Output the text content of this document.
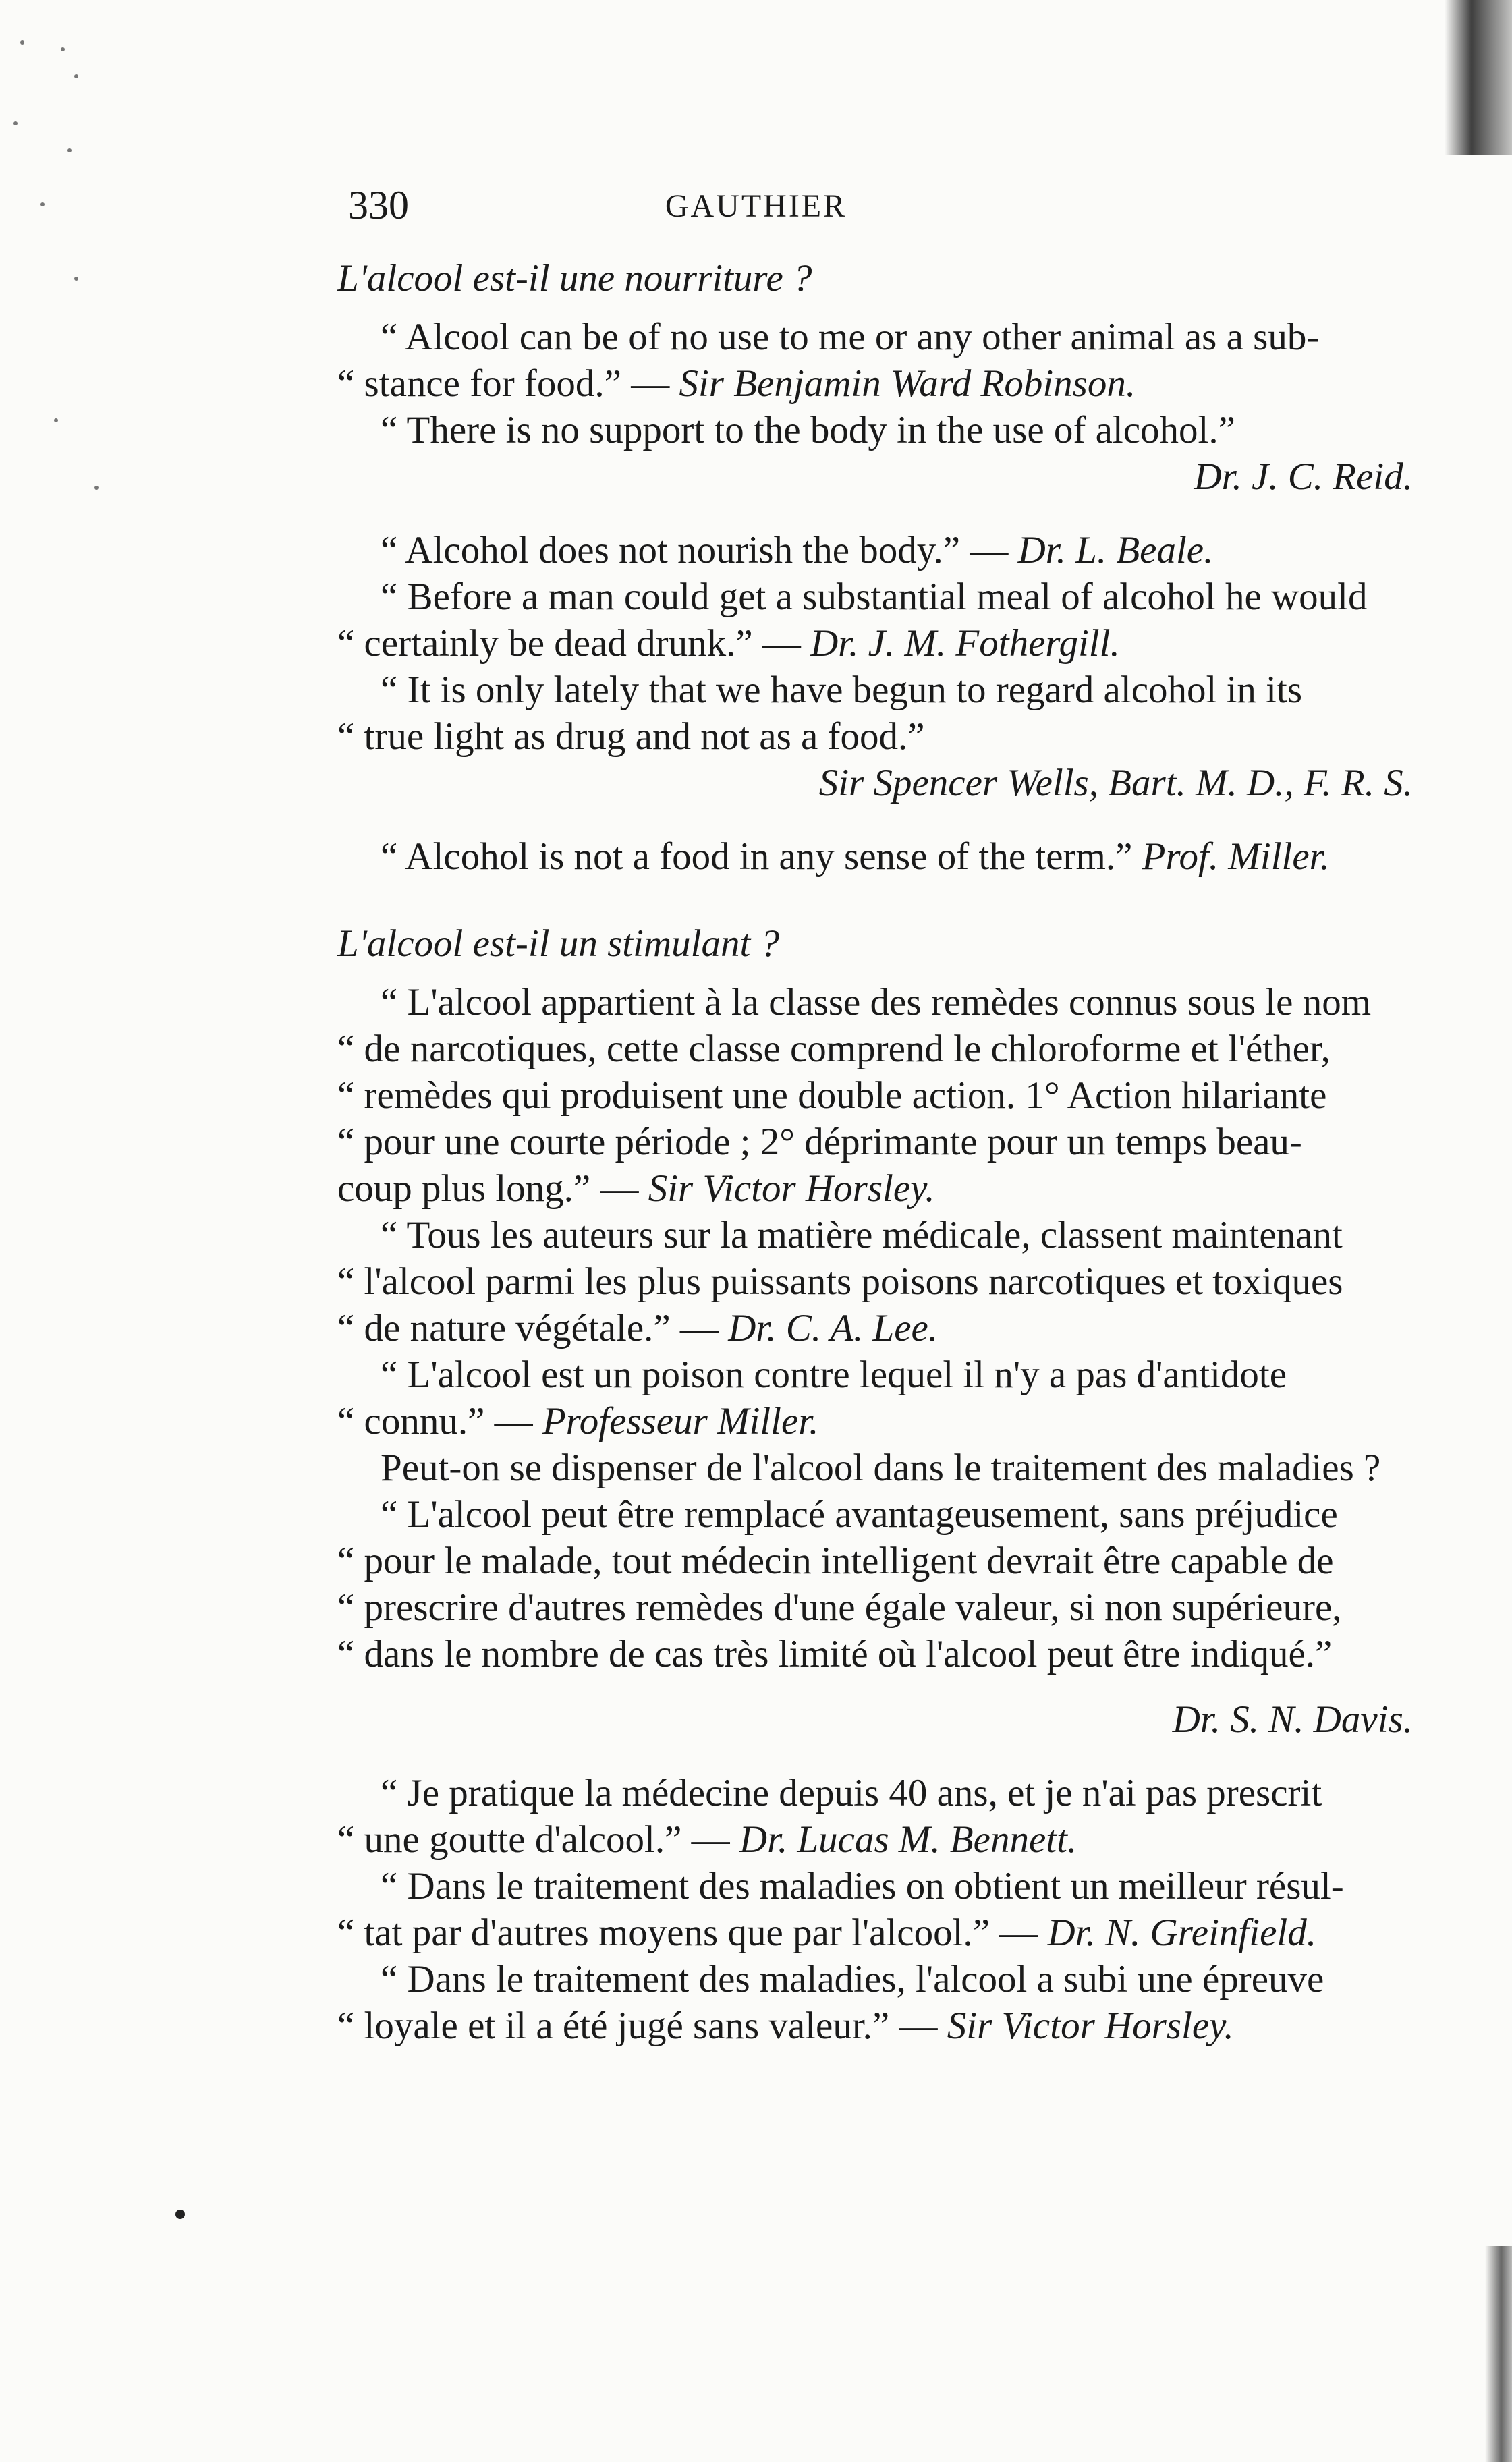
330	GAUTHIER
L'alcool est-il une nourriture ?

“ Alcool can be of no use to me or any other animal as a sub-
“ stance for food.” — Sir Benjamin Ward Robinson.

“ There is no support to the body in the use of alcohol.”

Dr. J. C. Reid.

“ Alcohol does not nourish the body.” — Dr. L. Beale.

“ Before a man could get a substantial meal of alcohol he would
“ certainly be dead drunk.” — Dr. J. M. Fothergill.

“ It is only lately that we have begun to regard alcohol in its
“ true light as drug and not as a food.”

Sir Spencer Wells, Bart. M. D., F. R. S.

“ Alcohol is not a food in any sense of the term.” Prof. Miller.

L'alcool est-il un stimulant ?

“ L'alcool appartient à la classe des remèdes connus sous le nom
“ de narcotiques, cette classe comprend le chloroforme et l'éther,
“ remèdes qui produisent une double action. 1° Action hilariante
“ pour une courte période ; 2° déprimante pour un temps beau-
coup plus long.” — Sir Victor Horsley.

“ Tous les auteurs sur la matière médicale, classent maintenant
“ l'alcool parmi les plus puissants poisons narcotiques et toxiques
“ de nature végétale.” — Dr. C. A. Lee.

“ L'alcool est un poison contre lequel il n'y a pas d'antidote
“ connu.” — Professeur Miller.

Peut-on se dispenser de l'alcool dans le traitement des maladies ?

“ L'alcool peut être remplacé avantageusement, sans préjudice
“ pour le malade, tout médecin intelligent devrait être capable de
“ prescrire d'autres remèdes d'une égale valeur, si non supérieure,
“ dans le nombre de cas très limité où l'alcool peut être indiqué.”

Dr. S. N. Davis.

“ Je pratique la médecine depuis 40 ans, et je n'ai pas prescrit
“ une goutte d'alcool.” — Dr. Lucas M. Bennett.

“ Dans le traitement des maladies on obtient un meilleur résul-
“ tat par d'autres moyens que par l'alcool.” — Dr. N. Greinfield.

“ Dans le traitement des maladies, l'alcool a subi une épreuve
“ loyale et il a été jugé sans valeur.” — Sir Victor Horsley.
